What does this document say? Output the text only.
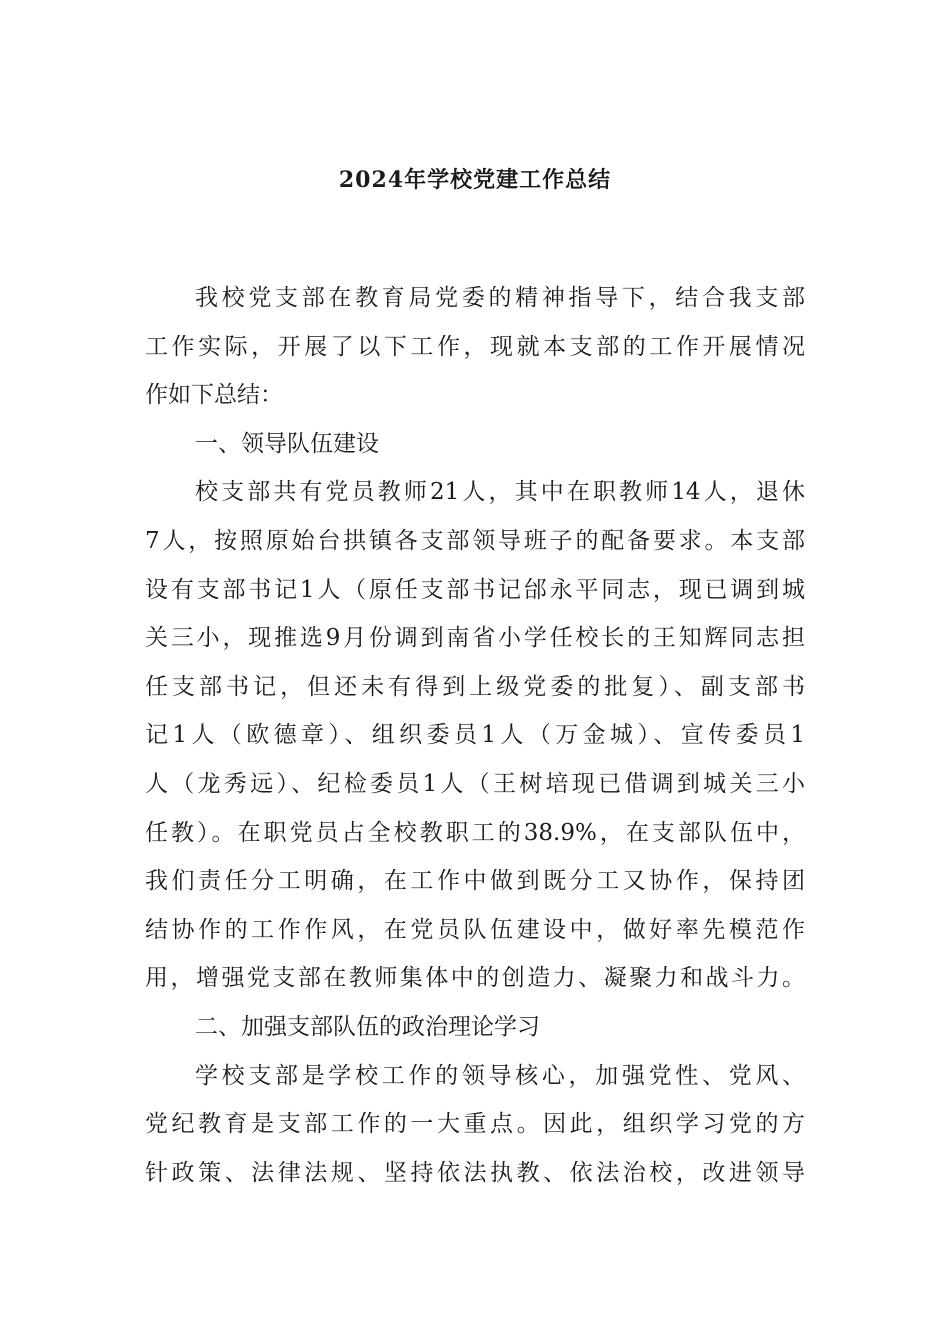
2024年学校党建工作总结
我校党支部在教育局党委的精神指导下，结合我支部
工作实际，开展了以下工作，现就本支部的工作开展情况
作如下总结：
一、领导队伍建设
校支部共有党员教师21人，其中在职教师14人，退休
7人，按照原始台拱镇各支部领导班子的配备要求。本支部
设有支部书记1人（原任支部书记邰永平同志，现已调到城
关三小，现推选9月份调到南省小学任校长的王知辉同志担
任支部书记，但还未有得到上级党委的批复）、副支部书
记1人（欧德章）、组织委员1人（万金城）、宣传委员1
人（龙秀远）、纪检委员1人（王树培现已借调到城关三小
任教）。在职党员占全校教职工的38.9%，在支部队伍中，
我们责任分工明确，在工作中做到既分工又协作，保持团
结协作的工作作风，在党员队伍建设中，做好率先模范作
用，增强党支部在教师集体中的创造力、凝聚力和战斗力。
二、加强支部队伍的政治理论学习
学校支部是学校工作的领导核心，加强党性、党风、
党纪教育是支部工作的一大重点。因此，组织学习党的方
针政策、法律法规、坚持依法执教、依法治校，改进领导
